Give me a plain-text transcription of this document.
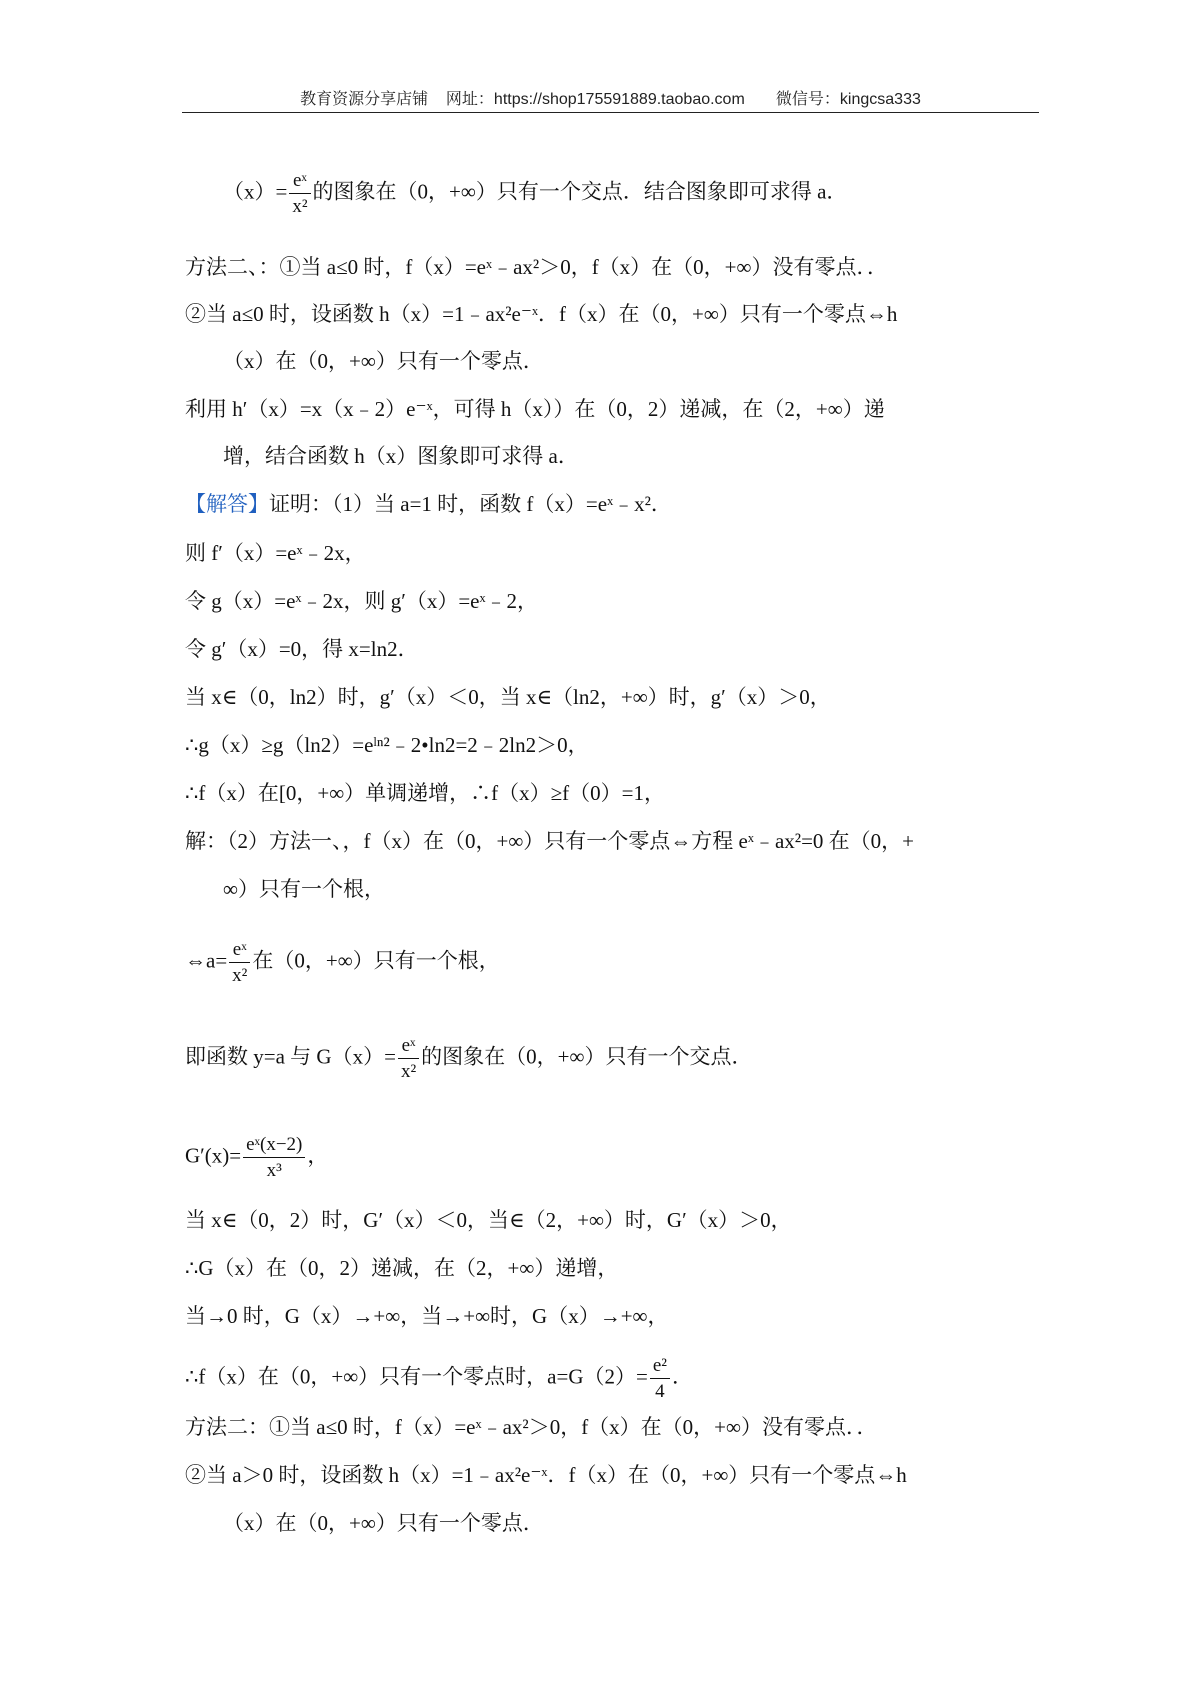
教育资源分享店铺 网址：https://shop175591889.taobao.com 微信号：kingcsa333
$(x)= \frac{\text{eˣ}}{\text{x²}}$ 的图象在（0，+∞）只有一个交点．结合图象即可求得 a．
方法二、：①当 a≤0 时，f（x）=eˣ﹣ax²＞0，f（x）在（0，+∞）没有零点．．
②当 a≤0 时，设函数 h（x）=1﹣ax²e⁻ˣ．f（x）在（0，+∞）只有一个零点⇔h
（x）在（0，+∞）只有一个零点．
利用 h′（x）=x（x﹣2）e⁻ˣ，可得 h（x））在（0，2）递减，在（2，+∞）递
增，结合函数 h（x）图象即可求得 a．
【解答】证明：（1）当 a=1 时，函数 f（x）=eˣ﹣x²．
则 f′（x）=eˣ﹣2x，
令 g（x）=eˣ﹣2x，则 g′（x）=eˣ﹣2，
令 g′（x）=0，得 x=ln2．
当 x∈（0，ln2）时，g′（x）＜0，当 x∈（ln2，+∞）时，g′（x）＞0，
∴g（x）≥g（ln2）=eˡⁿ²﹣2•ln2=2﹣2ln2＞0，
∴f（x）在[0，+∞）单调递增，∴f（x）≥f（0）=1，
解：（2）方法一、，f（x）在（0，+∞）只有一个零点⇔方程 eˣ﹣ax²=0 在（0，+
∞）只有一个根，
⇔a= $\frac{\text{eˣ}}{\text{x²}}$ 在（0，+∞）只有一个根，
即函数 y=a 与 $G(x)= \frac{\text{eˣ}}{\text{x²}}$ 的图象在（0，+∞）只有一个交点．
$G'(x)= \frac{\text{eˣ(x−2)}}{\text{x³}}$ ，
当 x∈（0，2）时，G′（x）＜0，当∈（2，+∞）时，G′（x）＞0，
∴G（x）在（0，2）递减，在（2，+∞）递增，
当→0 时，G（x）→+∞，当→+∞时，G（x）→+∞，
∴f（x）在（0，+∞）只有一个零点时，$a=G(2)= \frac{\text{e²}}{4}$ ．
方法二：①当 a≤0 时，f（x）=eˣ﹣ax²＞0，f（x）在（0，+∞）没有零点．．
②当 a＞0 时，设函数 h（x）=1﹣ax²e⁻ˣ．f（x）在（0，+∞）只有一个零点⇔h
（x）在（0，+∞）只有一个零点．
